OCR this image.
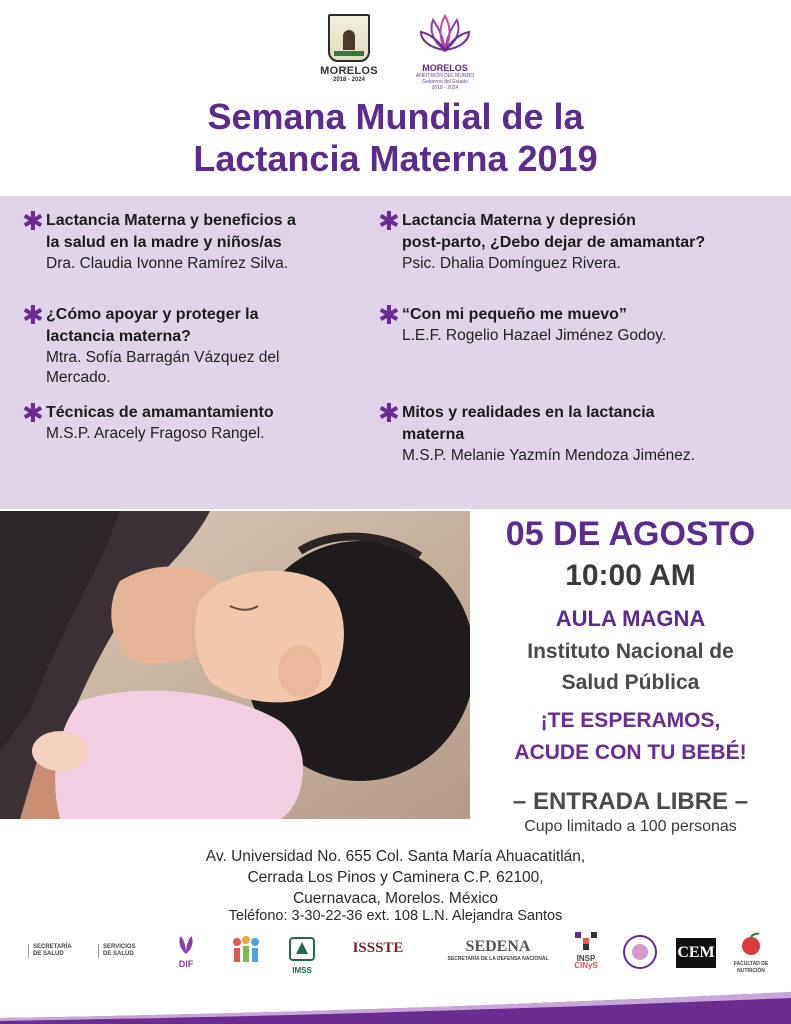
MORELOS
2018 - 2024
MORELOS
ANFITRIÓN DEL MUNDO
Gobierno del Estado
2018 - 2024
Semana Mundial de la
Lactancia Materna 2019
✱ Lactancia Materna y beneficios a
la salud en la madre y niños/as
Dra. Claudia Ivonne Ramírez Silva.
✱ ¿Cómo apoyar y proteger la
lactancia materna?
Mtra. Sofía Barragán Vázquez del
Mercado.
✱ Técnicas de amamantamiento
M.S.P. Aracely Fragoso Rangel.
✱ Lactancia Materna y depresión
post-parto, ¿Debo dejar de amamantar?
Psic. Dhalia Domínguez Rivera.
✱ “Con mi pequeño me muevo”
L.E.F. Rogelio Hazael Jiménez Godoy.
✱ Mitos y realidades en la lactancia
materna
M.S.P. Melanie Yazmín Mendoza Jiménez.
05 DE AGOSTO
10:00 AM
AULA MAGNA
Instituto Nacional de
Salud Pública
¡TE ESPERAMOS,
ACUDE CON TU BEBÉ!
– ENTRADA LIBRE –
Cupo limitado a 100 personas
Av. Universidad No. 655 Col. Santa María Ahuacatitlán,
Cerrada Los Pinos y Caminera C.P. 62100,
Cuernavaca, Morelos. México
Teléfono: 3-30-22-36 ext. 108 L.N. Alejandra Santos
SECRETARÍA
DE SALUD
SERVICIOS
DE SALUD
DIF
IMSS
ISSSTE	SEDENA
SECRETARÍA DE LA DEFENSA NACIONAL	INSP
CINyS
CEM
FACULTAD DE NUTRICIÓN
